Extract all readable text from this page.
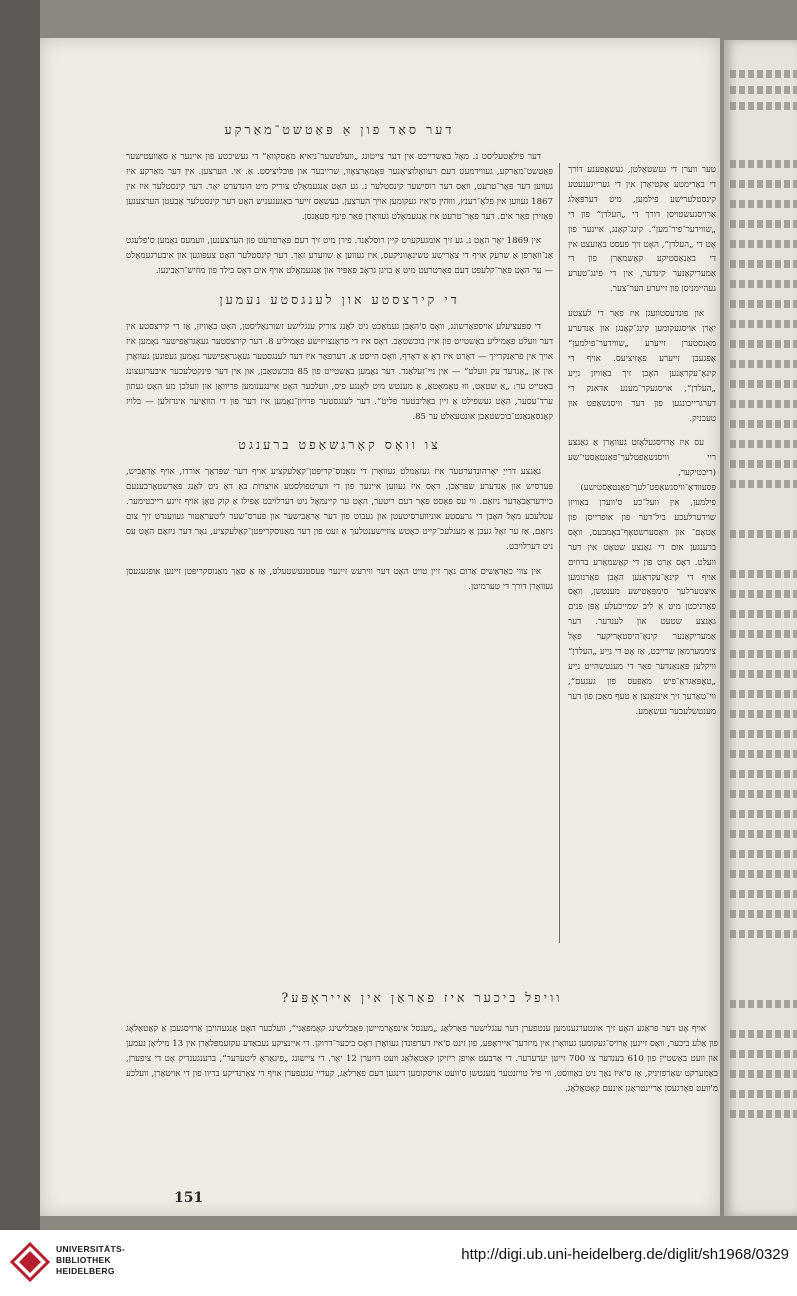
דער סאַד פון אַ פּאַטשט־מאַרקע

דער פילאַטעליסט נ. מאָל באַשרייבט אין דער צייטונג „וועלטשער־ניאיא מאַסקוואַ“ די געשיכטע פון איינער אַ סאַוועטישער פּאַטשט־מאַרקע, געווידמעט דעם רעוואָלוציאָנער פּאָמאָרצאָוו, שרייבער און פּובליציסט. אַ. אי. הערצען. אין דער מאַרקע איז געווען דער פּאָר־טרעט, וואָס דער רוסישער קינסטלער נ. גע האָט אַנגעמאָלט צוריק מיט הונדערט יאָר. דער קינסטלער איז אין 1867 געווען אין פלאָ־רענץ, וווּהין ס'איז געקומען אויך הערצען. בעשאַס זייער באַגעגעניש האָט דער קינסטלער אַבעטן הערצענען פּאָזירן פאַר אים. דער פּאָר־טרעט איז אַנגעמאָלט געוואָרן פאַר פינף סעאַנסן.

אין 1869 יאָר האָט נ. גע זיך אומגעקערט קיין רוסלאַנד. פירן מיט זיך דעם פּאָרטרעט פון הערצענען, וועמעס נאָמען ס'פלעגט אַנ־וואַרפן אַ שרעק אויף די צאַרישע טשינאָווניקעס, איז געווען אַ שווערע זאַך. דער קינסטלער האָט צעפּוגען און איבערגעמאָלט — ער האָט פּאַר־קלעפּט דעם פּאָרטרעט מיט אַ בויגן גראָב פּאַפּיר און אַנגעמאָלט אויף אים דאָס בילד פון מוזיש־ראַבינעו.

די קירצסטע און לענגסטע נעמען

די ספּעציעלע אויספאָרשונג, וואָס ס'האָבן געמאַכט ניט לאַנג צוריק ענגלישע זשורנאַליסטן, האָט באַוויזן, אַז די קירצסטע אין דער וועלט פאַמיליע באַשטייט פון איין בוכשטאַב. דאָס איז די פראַנצויזישע פאַמיליע 8. דער קירצסטער געאָגראַפישער נאָמען איז אויך אין פראַנקרייך — דאָרט איז דאָ אַ דאָרף, וואָס הייסט אַ. דערפאַר איז דער לענגסטער געאָגראַפישער נאָמען געפונען געוואָרן אין אַן „אַנדער עק וועלט“ — אין ניי־זעלאַנד. דער נאָמען באַשטייט פון 85 בוכשטאַבן, און אין דער פּינקטלעכער איבערזעצונג באַטייט ער: „אַ שטאָט, וווּ טאַמאַטאַ, אַ מענטש מיט לאַנגע פיס, וועלכער האָט איינגענומען פּריוואַן און וועלכן מע האָט געתון ערד־עסער, האָט געשפילט אַ זיין באַליבטער פליט“. דער לענגסטער פּרויון־נאָמען איז דער פון די הוואַיער אינדזלען — בלויז קאָנסאָנאַנט־בוכשטאַבן אונטעאַלט ער 85.

צו וואָס קאָרגשאַפט ברענגט

גאַנצע דרייַ יאָרהונדערטער איז געזאַמלט געוואָרן די מאַנוס־קריפּטן־קאַלעקציע אויף דער שפּראַך אורדו, אויף אַראַביש, פּערסיש און אַנדערע שפּראַכן. דאָס איז געווען איינער פון די ווערטפולסטע אויצרות באַ דאָ ניט לאַנג פאַרשטאָרבענעם כיידעראַבאַדער ניזאַם. ווי עס פּאַסט פאַר דעם ריטער, האָט ער קיינמאָל ניט דערלויבט אַפילו אַ קוק טאָן אויף זיינע רייכטימער. עטלעכע מאָל האָבן די גרעסטע אוניווערסיטעטן און געבוט פון דער אַראַבישער און פערס־שער ליטעראַטור געווענדט זיך צום ניזאַם, אַז ער זאָל געבן אַ מעגלעכ־קייט כאָטש צוזיישענטלעך אַ זעט פון דער מאַנוסקריפּטן־קאַלעקציע, נאָר דער ניזאַם האָט עס ניט דערלויבט.

אין צווי כאַדאַשים אַרום נאָך זיין טויט האָט דער ווירעש זיינער פּעסטגעשטעלט, אַז אַ סאַך מאַנוסקריפּטן זיינען אופגעגעסן געוואָרן דורך די טערמיטן.

טער ווערן די געשטאַלטן, געשאַפענע דורך די באַרימטע אַקטיאָרן אין די גערייגענעטע קינסטלערישע פילמען, מיט דערפּאָלג אַרויסגעשטויסן דורך די „העלדן“ פון די „שווידער־פיר־מען“. קינג־קאָנג, איינער פון אָט די „העלדן“, האָט זיך פּעסט באַזעצט אין די באַנאַסטיקע קאָשמאַרן פון די אַמעריקאַנער קינדער, אין די פינג־טערע געהיימניסן פון זייערע הער־צער.

און פונדעסטוועגן איז פאַר די לעצטע יאָרן אויסגעקומען קינג־קאָנגן און אַנדערע מאָנסטערן זייערע „שווידער־פילמען“ אָפּגעבן זייערע פּאָזיציעס. אויף די קינאָ־עקראַנען האָבן זיך באַוויזן ניַיע „העלדן“, אויסגעקר־מענע אדאנק די דערגרייכונגען פון דער וויסנשאַפט און טעכניק.

עס איז אַרויסגעלאָזט געוואָרן אַ גאַנצע ריי וויסנשאַפטלעך־פאַנטאַסטי־שע (ריכטיקער, פּסעוודאָ־וויסנשאַפט־לעך־פאַנטאַסטישע) פילמען, אין וועל־כע ס'ווערן באַוויזן שוידערלעכע ביל־דער פון אופרייסן פון אַטאָם־ און וואַסערשטאָף־באָמבעס, וואָס ברענגען אום די גאַנצע שטאָט אין דער וועלט. דאָס אָרט פון די קאָשמאַרע ברוזים אויף די קינאָ־עקראַנען האָבן פאַרנומען איצטערלעך סימפּאַטישע מענטשן, וואָס פאַרניכטן מיט אַ ליב שמייכעלע אַפּן פּנים גאַנצע שטעט און לענדער. דער אַמעריקאַנער קינאָ־היסטאָריקער פּאָל ציממערמאַן שרייבט, אַז אָט די ניַיע „העלדן“ וויקלען פּאַנאַנדער פאַר די מענטשהייט ניַיע „טאָפּאַגראַ־פיש מאַפּעס פון גענעם“, ווי־טאַרעך זיך אינגאַנצן אַ טעף מאַכן פון דער מענטשלעכער נעשאָמע.

וויפל ביכער איז פאַראַן אין אייראָפּע?

אויף אָט דער פראַגע האָט זיך אונטערגענומען ענטפערן דער ענגלישער פאַרלאַג „מענסל אינפאָרמיישן פּאַבלישינג קאָמפּאַני“, וועלכער האָט אַנגעהויבן אַרויסגעבן אַ קאַטאַלאָג פון אַלע ביכער, וואָס זיינען אַרויס־געקומען געוואָרן אין מיזרעך־אייראָפּע, פון זינט ס'איז דערפונדן געוואָרן דאָס ביכער־דרוקן. די איינציקע נעבאַדע עקזעמפּלאַרן אין 13 מיליאָן נעמען און וועט באַשטיין פון 610 בענדער צו 700 זייטן יעדערער. די אַרבעט אויפן ריזיקן קאַטאַלאָג וועט דויערן 12 יאָר. די ציישונג „פיגאַראָ ליטערער“, ברענגענדיק אָט די ציפערן, באַמערקט שאַרפזיניק, אַז ס'איז נאָך ניט באַוווסט, ווי פיל טויזנטער מענטשן ס'וועט אויסקומען דינגען דעם פאַרלאַג, קעדיי ענטפערן אויף די צאָרנדיקע בריוו פון די אויטאָרן, וועלכע מ'וועט פאַרגעסן אַריינטראָגן אינעם קאַטאַלאָג.

151
UNIVERSITÄTS-
BIBLIOTHEK
HEIDELBERG
http://digi.ub.uni-heidelberg.de/diglit/sh1968/0329
